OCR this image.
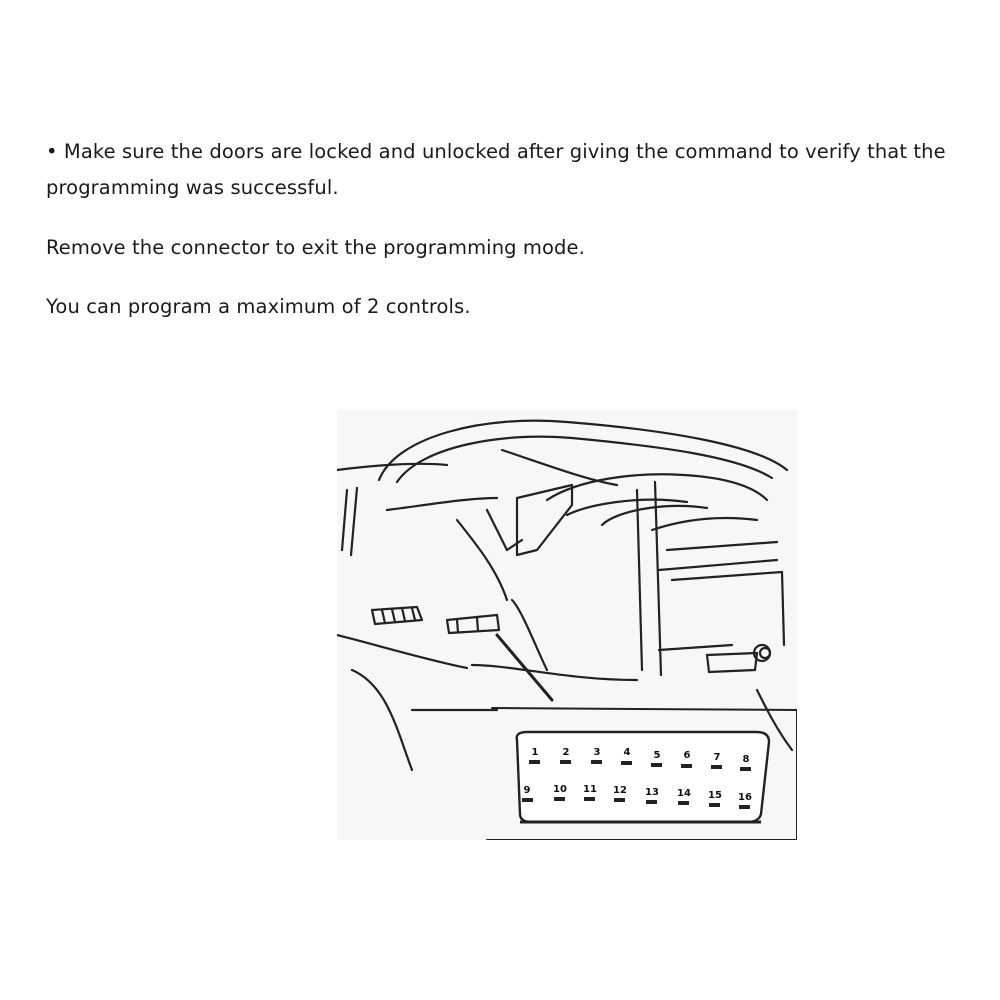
• Make sure the doors are locked and unlocked after giving the command to verify that the programming was successful.

Remove the connector to exit the programming mode.

You can program a maximum of 2 controls.

1 2 3 4 5 6 7 8
9 10 11 12 13 14 15 16
